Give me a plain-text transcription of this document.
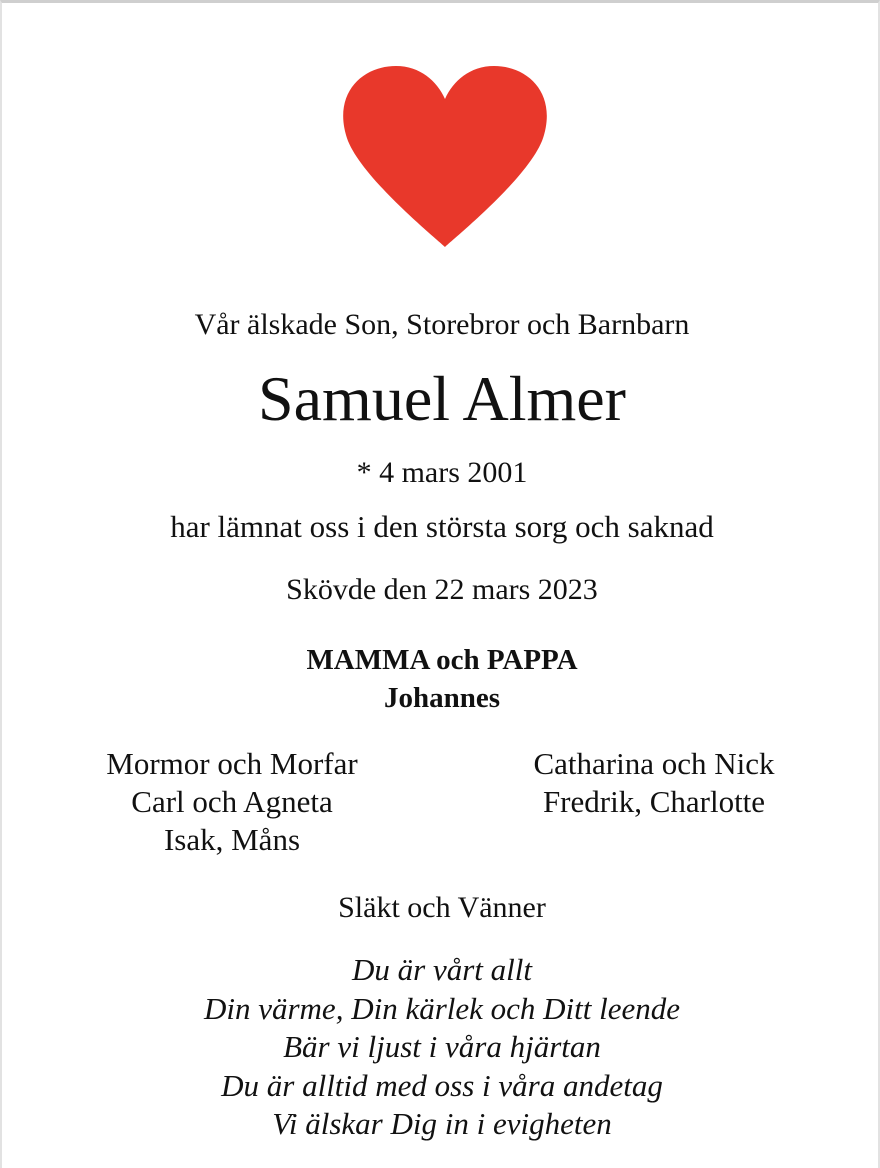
Vår älskade Son, Storebror och Barnbarn
Samuel Almer
* 4 mars 2001
har lämnat oss i den största sorg och saknad
Skövde den 22 mars 2023
MAMMA och PAPPA
Johannes
Mormor och Morfar
Carl och Agneta
Isak, Måns
Catharina och Nick
Fredrik, Charlotte
Släkt och Vänner
Du är vårt allt
Din värme, Din kärlek och Ditt leende
Bär vi ljust i våra hjärtan
Du är alltid med oss i våra andetag
Vi älskar Dig in i evigheten
